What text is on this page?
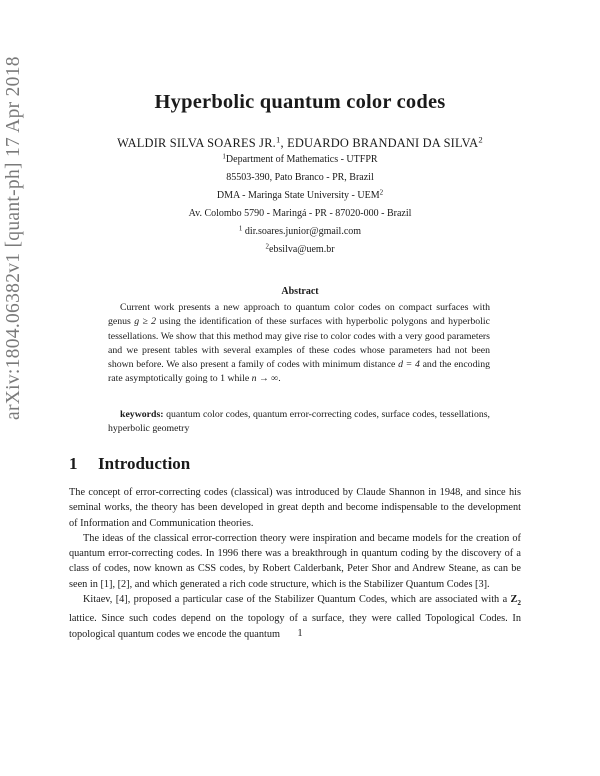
arXiv:1804.06382v1 [quant-ph] 17 Apr 2018	Hyperbolic quantum color codes
WALDIR SILVA SOARES JR.$^1$, EDUARDO BRANDANI DA SILVA$^2$
$^1$Department of Mathematics - UTFPR
85503-390, Pato Branco - PR, Brazil
DMA - Maringa State University - UEM$^2$
Av. Colombo 5790 - Maringá - PR - 87020-000 - Brazil
$^1$ dir.soares.junior@gmail.com
$^2$ebsilva@uem.br
Abstract
Current work presents a new approach to quantum color codes on compact surfaces with genus g ≥ 2 using the identification of these surfaces with hyperbolic polygons and hyperbolic tessellations. We show that this method may give rise to color codes with a very good parameters and we present tables with several examples of these codes whose parameters had not been shown before. We also present a family of codes with minimum distance d = 4 and the encoding rate asymptotically going to 1 while n → ∞.
keywords: quantum color codes, quantum error-correcting codes, surface codes, tessellations, hyperbolic geometry
1 Introduction

The concept of error-correcting codes (classical) was introduced by Claude Shannon in 1948, and since his seminal works, the theory has been developed in great depth and become indispensable to the development of Information and Communication theories.

The ideas of the classical error-correction theory were inspiration and became models for the creation of quantum error-correcting codes. In 1996 there was a breakthrough in quantum coding by the discovery of a class of codes, now known as CSS codes, by Robert Calderbank, Peter Shor and Andrew Steane, as can be seen in [1], [2], and which generated a rich code structure, which is the Stabilizer Quantum Codes [3].

Kitaev, [4], proposed a particular case of the Stabilizer Quantum Codes, which are associated with a $Z_2$ lattice. Since such codes depend on the topology of a surface, they were called Topological Codes. In topological quantum codes we encode the quantum	1
